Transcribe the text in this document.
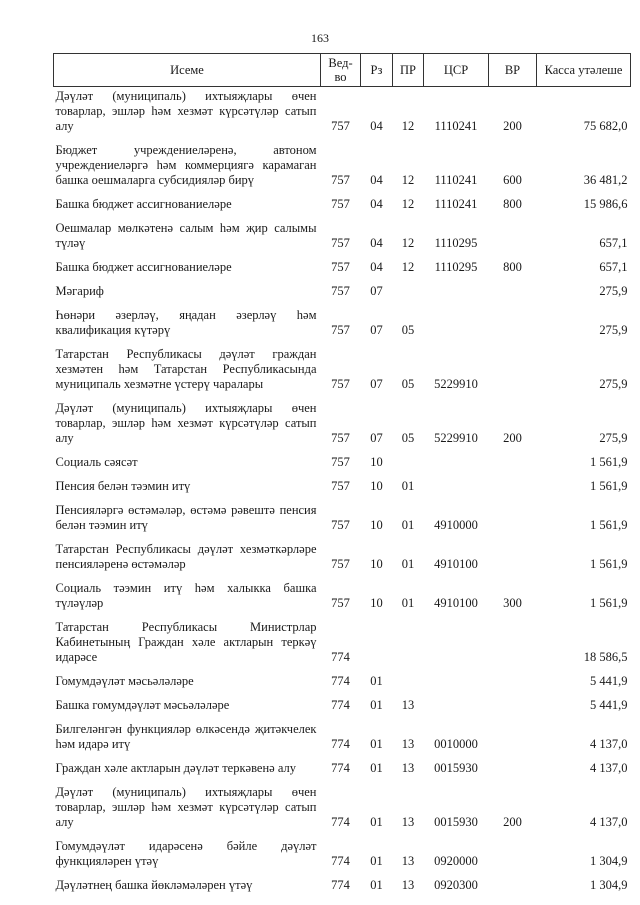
163
Исеме	Вед-во	Рз	ПР	ЦСР	ВР	Касса утәлеше
Дәүләт (муниципаль) ихтыяҗлары өчен товарлар, эшләр һәм хезмәт күрсәтүләр сатып алу	757	04	12	1110241	200	75 682,0
Бюджет учреждениеләренә, автоном учреждениеләргә һәм коммерциягә карамаган башка оешмаларга субсидияләр бирү	757	04	12	1110241	600	36 481,2
Башка бюджет ассигнованиеләре	757	04	12	1110241	800	15 986,6
Оешмалар мөлкәтенә салым һәм җир салымы түләү	757	04	12	1110295		657,1
Башка бюджет ассигнованиеләре	757	04	12	1110295	800	657,1
Мәгариф	757	07				275,9
Һөнәри әзерләү, яңадан әзерләү һәм квалификация күтәрү	757	07	05			275,9
Татарстан Республикасы дәүләт граждан хезмәтен һәм Татарстан Республикасында муниципаль хезмәтне үстерү чаралары	757	07	05	5229910		275,9
Дәүләт (муниципаль) ихтыяҗлары өчен товарлар, эшләр һәм хезмәт күрсәтүләр сатып алу	757	07	05	5229910	200	275,9
Социаль сәясәт	757	10				1 561,9
Пенсия белән тәэмин итү	757	10	01			1 561,9
Пенсияләргә өстәмәләр, өстәмә рәвештә пенсия белән тәэмин итү	757	10	01	4910000		1 561,9
Татарстан Республикасы дәүләт хезмәткәрләре пенсияләренә өстәмәләр	757	10	01	4910100		1 561,9
Социаль тәэмин итү һәм халыкка башка түләүләр	757	10	01	4910100	300	1 561,9
Татарстан Республикасы Министрлар Кабинетының Граждан хәле актларын теркәү идарәсе	774					18 586,5
Гомумдәүләт мәсьәләләре	774	01				5 441,9
Башка гомумдәүләт мәсьәләләре	774	01	13			5 441,9
Билгеләнгән функцияләр өлкәсендә җитәкчелек һәм идарә итү	774	01	13	0010000		4 137,0
Граждан хәле актларын дәүләт теркәвенә алу	774	01	13	0015930		4 137,0
Дәүләт (муниципаль) ихтыяҗлары өчен товарлар, эшләр һәм хезмәт күрсәтүләр сатып алу	774	01	13	0015930	200	4 137,0
Гомумдәүләт идарәсенә бәйле дәүләт функцияләрен үтәү	774	01	13	0920000		1 304,9
Дәүләтнең башка йөкләмәләрен үтәү	774	01	13	0920300		1 304,9
